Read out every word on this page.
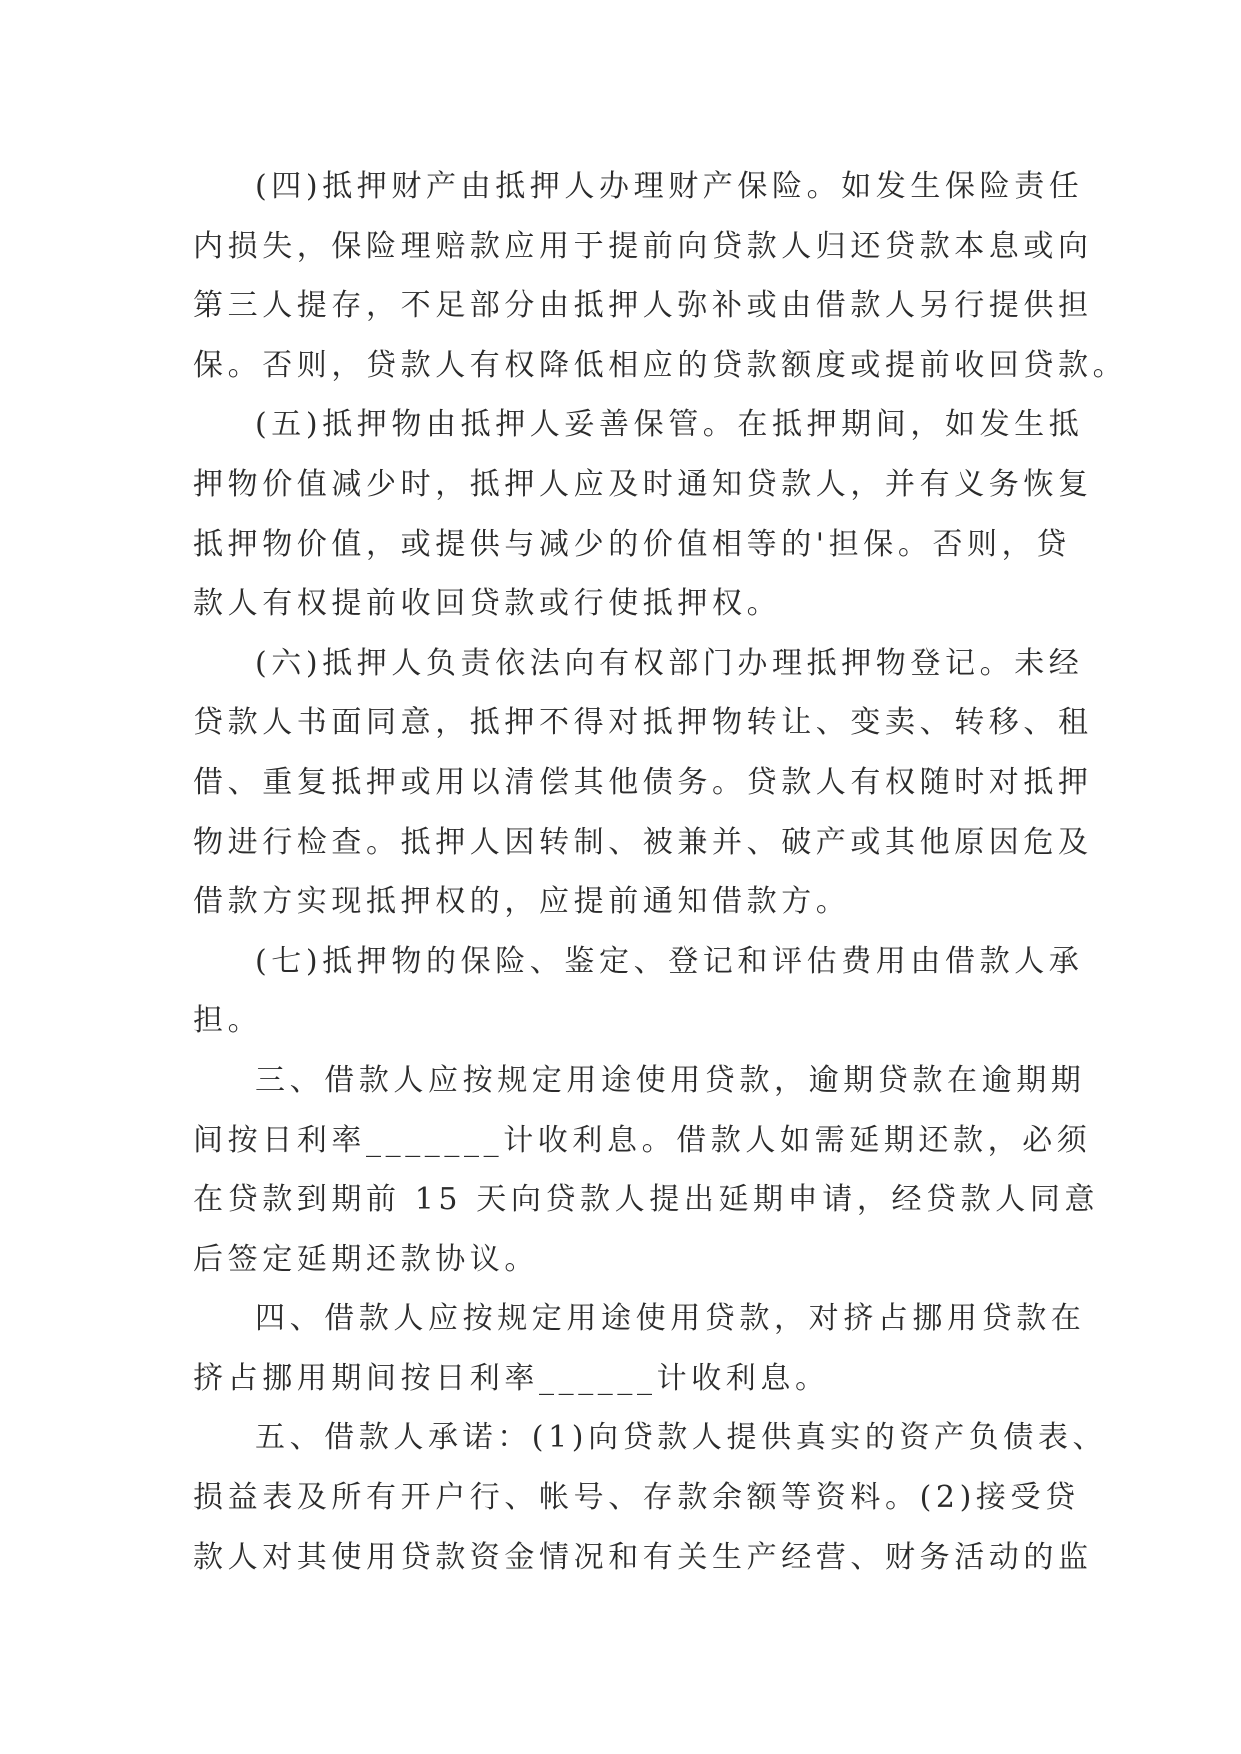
(四)抵押财产由抵押人办理财产保险。如发生保险责任
内损失，保险理赔款应用于提前向贷款人归还贷款本息或向
第三人提存，不足部分由抵押人弥补或由借款人另行提供担
保。否则，贷款人有权降低相应的贷款额度或提前收回贷款。
(五)抵押物由抵押人妥善保管。在抵押期间，如发生抵
押物价值减少时，抵押人应及时通知贷款人，并有义务恢复
抵押物价值，或提供与减少的价值相等的'担保。否则，贷
款人有权提前收回贷款或行使抵押权。
(六)抵押人负责依法向有权部门办理抵押物登记。未经
贷款人书面同意，抵押不得对抵押物转让、变卖、转移、租
借、重复抵押或用以清偿其他债务。贷款人有权随时对抵押
物进行检查。抵押人因转制、被兼并、破产或其他原因危及
借款方实现抵押权的，应提前通知借款方。
(七)抵押物的保险、鉴定、登记和评估费用由借款人承
担。
三、借款人应按规定用途使用贷款，逾期贷款在逾期期
间按日利率_______计收利息。借款人如需延期还款，必须
在贷款到期前 15 天向贷款人提出延期申请，经贷款人同意
后签定延期还款协议。
四、借款人应按规定用途使用贷款，对挤占挪用贷款在
挤占挪用期间按日利率______计收利息。
五、借款人承诺：(1)向贷款人提供真实的资产负债表、
损益表及所有开户行、帐号、存款余额等资料。(2)接受贷
款人对其使用贷款资金情况和有关生产经营、财务活动的监
